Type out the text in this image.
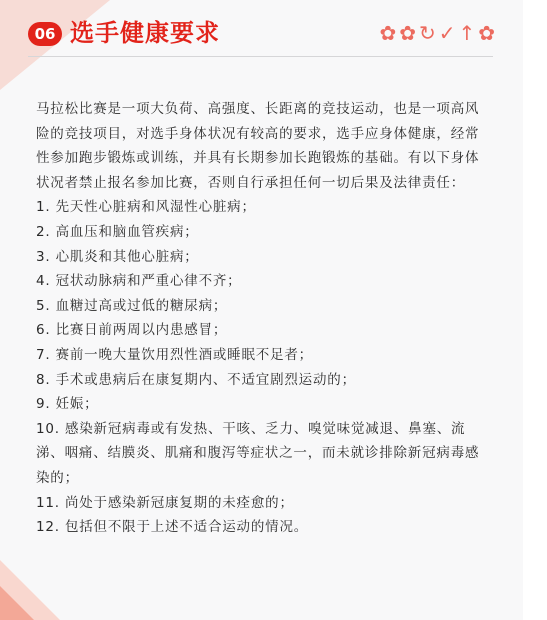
06 选手健康要求	✿✿↻✓↑✿

马拉松比赛是一项大负荷、高强度、长距离的竞技运动，也是一项高风险的竞技项目，对选手身体状况有较高的要求，选手应身体健康，经常性参加跑步锻炼或训练，并具有长期参加长跑锻炼的基础。有以下身体状况者禁止报名参加比赛，否则自行承担任何一切后果及法律责任：

1. 先天性心脏病和风湿性心脏病；
2. 高血压和脑血管疾病；
3. 心肌炎和其他心脏病；
4. 冠状动脉病和严重心律不齐；
5. 血糖过高或过低的糖尿病；
6. 比赛日前两周以内患感冒；
7. 赛前一晚大量饮用烈性酒或睡眠不足者；
8. 手术或患病后在康复期内、不适宜剧烈运动的；
9. 妊娠；
10. 感染新冠病毒或有发热、干咳、乏力、嗅觉味觉减退、鼻塞、流涕、咽痛、结膜炎、肌痛和腹泻等症状之一，而未就诊排除新冠病毒感染的；
11. 尚处于感染新冠康复期的未痊愈的；
12. 包括但不限于上述不适合运动的情况。
